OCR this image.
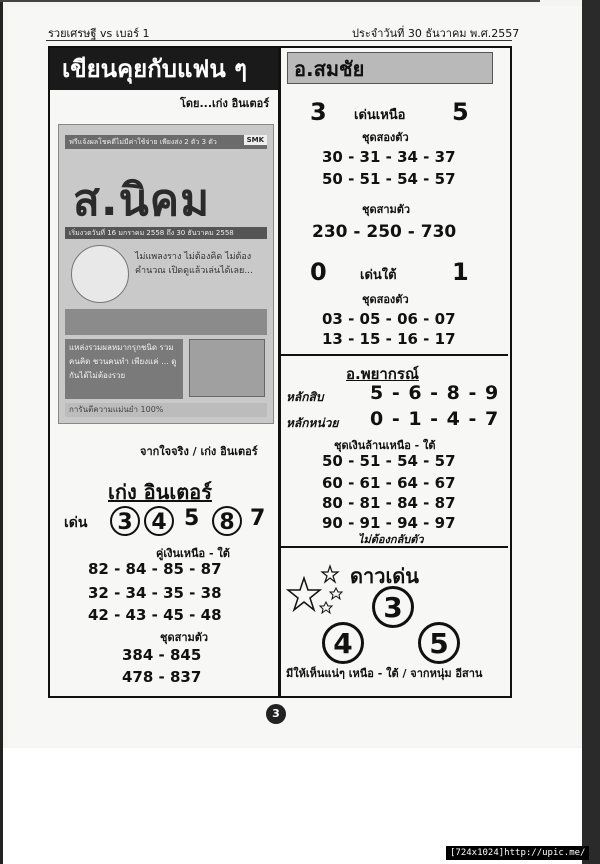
รวยเศรษฐี vs เบอร์ 1	ประจำวันที่ 30 ธันวาคม พ.ศ.2557
เขียนคุยกับแฟน ๆ
โดย...เก่ง อินเตอร์
ฟรีแจ้งผลโชคดีไม่มีค่าใช้จ่าย เพียงส่ง 2 ตัว 3 ตัว	SMK
ส.นิคม
เริ่มงวดวันที่ 16 มกราคม 2558 ถึง 30 ธันวาคม 2558
ไม่แพลงราง ไม่ต้องคิด ไม่ต้องคำนวณ เปิดดูแล้วเล่นได้เลย...
แหล่งรวมผลหมากรุกชนิด รวมคนคิด ชวนคนทำ เพียงแค่ ... ดูกันได้ไม่ต้องรวย
การันตีความแม่นยำ 100%
จากใจจริง / เก่ง อินเตอร์
เก่ง อินเตอร์
เด่น	3 4 5 8 7
คู่เงินเหนือ - ใต้
82 - 84 - 85 - 87
32 - 34 - 35 - 38
42 - 43 - 45 - 48
ชุดสามตัว
384 - 845
478 - 837
อ.สมชัย
3 เด่นเหนือ 5
ชุดสองตัว
30 - 31 - 34 - 37
50 - 51 - 54 - 57
ชุดสามตัว
230 - 250 - 730
0	เด่นใต้ 1
ชุดสองตัว
03 - 05 - 06 - 07
13 - 15 - 16 - 17
อ.พยากรณ์
หลักสิบ 5 - 6 - 8 - 9
หลักหน่วย 0 - 1 - 4 - 7
ชุดเงินล้านเหนือ - ใต้
50 - 51 - 54 - 57
60 - 61 - 64 - 67
80 - 81 - 84 - 87
90 - 91 - 94 - 97
ไม่ต้องกลับตัว
ดาวเด่น
3
4	5
มีให้เห็นแน่ๆ เหนือ - ใต้ / จากหนุ่ม อีสาน
3
[724x1024]http://upic.me/
